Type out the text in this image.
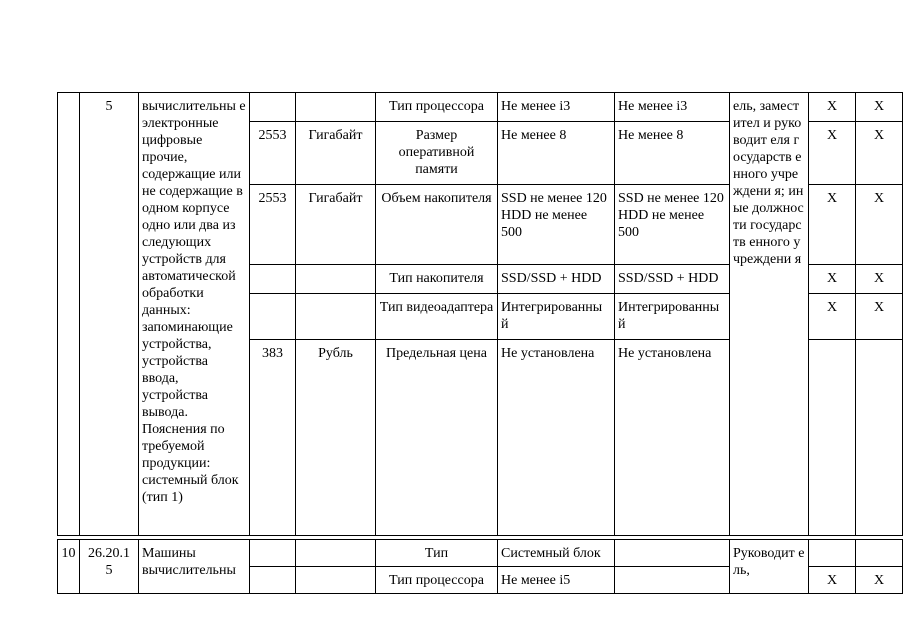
	5	вычислительны е электронные цифровые прочие, содержащие или не содержащие в одном корпусе одно или два из следующих устройств для автоматической обработки данных: запоминающие устройства, устройства ввода, устройства вывода. Пояснения по требуемой продукции: системный блок (тип 1)			Тип процессора	Не менее i3	Не менее i3	ель, заместител и руководит еля государств енного учреждени я; иные должности государств енного учреждени я	X	X
			2553	Гигабайт	Размер оперативной памяти	Не менее 8	Не менее 8		X	X
			2553	Гигабайт	Объем накопителя	SSD не менее 120 HDD не менее 500	SSD не менее 120 HDD не менее 500		X	X
					Тип накопителя	SSD/SSD + HDD	SSD/SSD + HDD		X	X
					Тип видеоадаптера	Интегрированны й	Интегрированны й		X	X
			383	Рубль	Предельная цена	Не установлена	Не установлена			

10	26.20.1 5	Машины вычислительны			Тип	Системный блок		Руководит ель,		
					Тип процессора	Не менее i5			X	X
